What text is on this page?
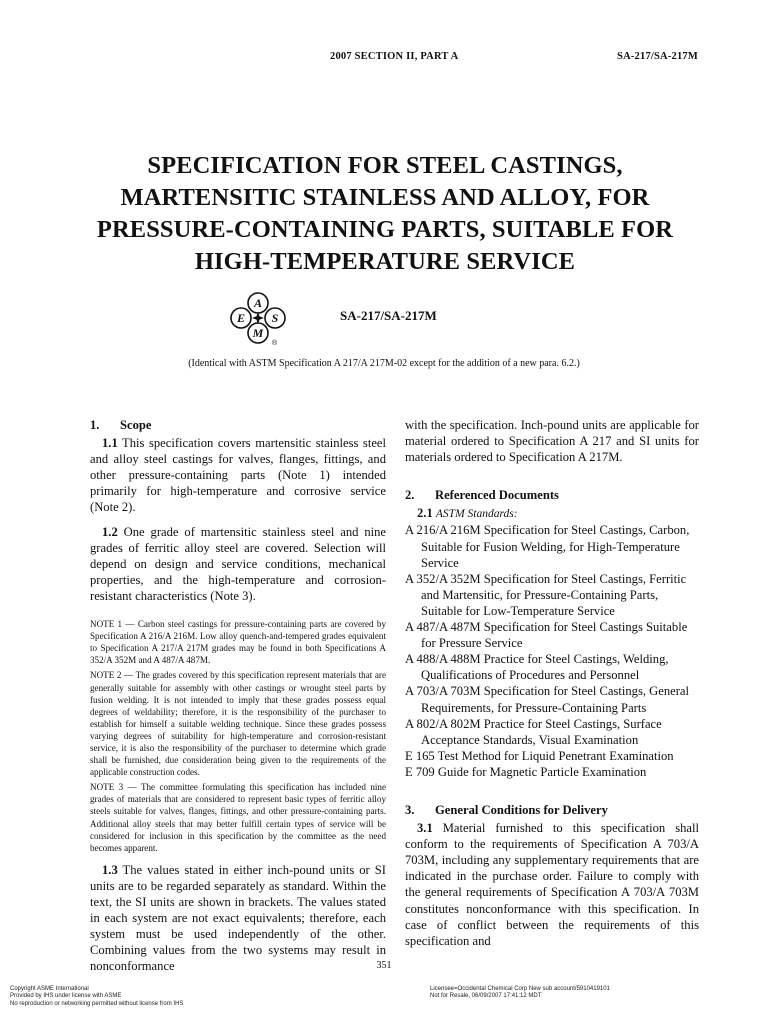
2007 SECTION II, PART A	SA-217/SA-217M
SPECIFICATION FOR STEEL CASTINGS,
MARTENSITIC STAINLESS AND ALLOY, FOR
PRESSURE-CONTAINING PARTS, SUITABLE FOR
HIGH-TEMPERATURE SERVICE
A
E S
M
®
SA-217/SA-217M
(Identical with ASTM Specification A 217/A 217M-02 except for the addition of a new para. 6.2.)
1. Scope

1.1 This specification covers martensitic stainless steel and alloy steel castings for valves, flanges, fittings, and other pressure-containing parts (Note 1) intended primarily for high-temperature and corrosive service (Note 2).

1.2 One grade of martensitic stainless steel and nine grades of ferritic alloy steel are covered. Selection will depend on design and service conditions, mechanical properties, and the high-temperature and corrosion-resistant characteristics (Note 3).

NOTE 1 — Carbon steel castings for pressure-containing parts are covered by Specification A 216/A 216M. Low alloy quench-and-tempered grades equivalent to Specification A 217/A 217M grades may be found in both Specifications A 352/A 352M and A 487/A 487M.

NOTE 2 — The grades covered by this specification represent materials that are generally suitable for assembly with other castings or wrought steel parts by fusion welding. It is not intended to imply that these grades possess equal degrees of weldability; therefore, it is the responsibility of the purchaser to establish for himself a suitable welding technique. Since these grades possess varying degrees of suitability for high-temperature and corrosion-resistant service, it is also the responsibility of the purchaser to determine which grade shall be furnished, due consideration being given to the requirements of the applicable construction codes.

NOTE 3 — The committee formulating this specification has included nine grades of materials that are considered to represent basic types of ferritic alloy steels suitable for valves, flanges, fittings, and other pressure-containing parts. Additional alloy steels that may better fulfill certain types of service will be considered for inclusion in this specification by the committee as the need becomes apparent.

1.3 The values stated in either inch-pound units or SI units are to be regarded separately as standard. Within the text, the SI units are shown in brackets. The values stated in each system are not exact equivalents; therefore, each system must be used independently of the other. Combining values from the two systems may result in nonconformance

with the specification. Inch-pound units are applicable for material ordered to Specification A 217 and SI units for materials ordered to Specification A 217M.

2. Referenced Documents

2.1 ASTM Standards:

A 216/A 216M Specification for Steel Castings, Carbon, Suitable for Fusion Welding, for High-Temperature Service

A 352/A 352M Specification for Steel Castings, Ferritic and Martensitic, for Pressure-Containing Parts, Suitable for Low-Temperature Service

A 487/A 487M Specification for Steel Castings Suitable for Pressure Service

A 488/A 488M Practice for Steel Castings, Welding, Qualifications of Procedures and Personnel

A 703/A 703M Specification for Steel Castings, General Requirements, for Pressure-Containing Parts

A 802/A 802M Practice for Steel Castings, Surface Acceptance Standards, Visual Examination

E 165 Test Method for Liquid Penetrant Examination

E 709 Guide for Magnetic Particle Examination

3. General Conditions for Delivery

3.1 Material furnished to this specification shall conform to the requirements of Specification A 703/A 703M, including any supplementary requirements that are indicated in the purchase order. Failure to comply with the general requirements of Specification A 703/A 703M constitutes nonconformance with this specification. In case of conflict between the requirements of this specification and

351
Copyright ASME International
Provided by IHS under license with ASME
No reproduction or networking permitted without license from IHS
Licensee=Occidental Chemical Corp New sub account/5910419101
Not for Resale, 06/09/2007 17:41:12 MDT
